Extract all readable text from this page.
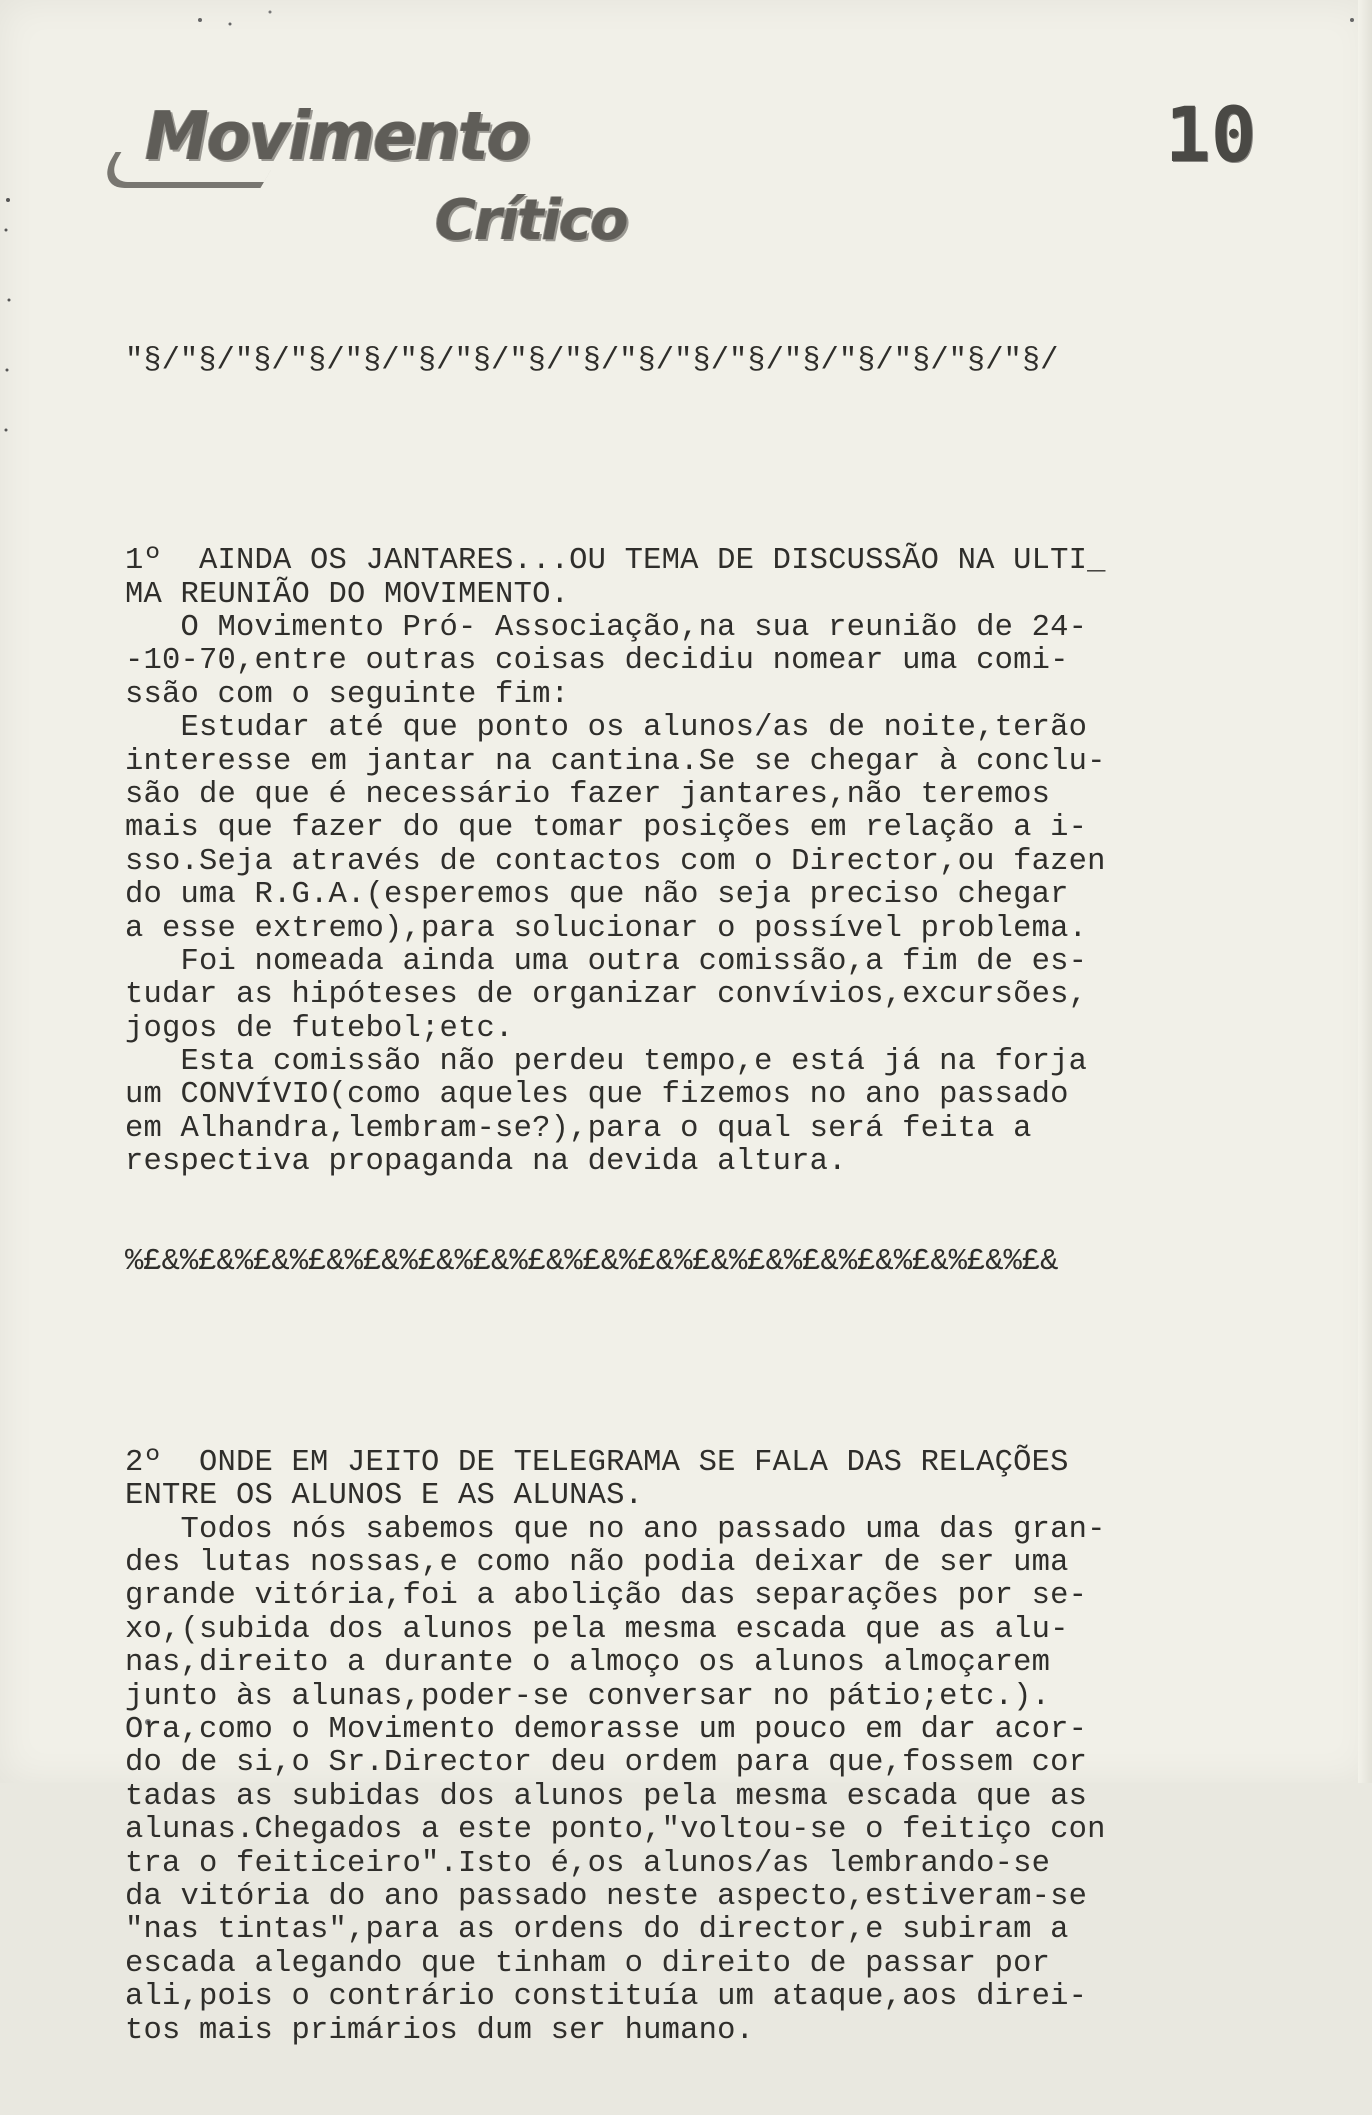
Movimento
Crítico
10

"§/"§/"§/"§/"§/"§/"§/"§/"§/"§/"§/"§/"§/"§/"§/"§/"§/

1º  AINDA OS JANTARES...OU TEMA DE DISCUSSÃO NA ULTI_
MA REUNIÃO DO MOVIMENTO.
O Movimento Pró- Associação,na sua reunião de 24-
-10-70,entre outras coisas decidiu nomear uma comi-
ssão com o seguinte fim:
Estudar até que ponto os alunos/as de noite,terão
interesse em jantar na cantina.Se se chegar à conclu-
são de que é necessário fazer jantares,não teremos
mais que fazer do que tomar posições em relação a i-
sso.Seja através de contactos com o Director,ou fazen
do uma R.G.A.(esperemos que não seja preciso chegar
a esse extremo),para solucionar o possível problema.
Foi nomeada ainda uma outra comissão,a fim de es-
tudar as hipóteses de organizar convívios,excursões,
jogos de futebol;etc.
Esta comissão não perdeu tempo,e está já na forja
um CONVÍVIO(como aqueles que fizemos no ano passado
em Alhandra,lembram-se?),para o qual será feita a
respectiva propaganda na devida altura.

%£&%£&%£&%£&%£&%£&%£&%£&%£&%£&%£&%£&%£&%£&%£&%£&%£&

2º  ONDE EM JEITO DE TELEGRAMA SE FALA DAS RELAÇÕES
ENTRE OS ALUNOS E AS ALUNAS.
Todos nós sabemos que no ano passado uma das gran-
des lutas nossas,e como não podia deixar de ser uma
grande vitória,foi a abolição das separações por se-
xo,(subida dos alunos pela mesma escada que as alu-
nas,direito a durante o almoço os alunos almoçarem
junto às alunas,poder-se conversar no pátio;etc.).
Ora,como o Movimento demorasse um pouco em dar acor-
do de si,o Sr.Director deu ordem para que,fossem cor
tadas as subidas dos alunos pela mesma escada que as
alunas.Chegados a este ponto,"voltou-se o feitiço con
tra o feiticeiro".Isto é,os alunos/as lembrando-se
da vitória do ano passado neste aspecto,estiveram-se
"nas tintas",para as ordens do director,e subiram a
escada alegando que tinham o direito de passar por
ali,pois o contrário constituía um ataque,aos direi-
tos mais primários dum ser humano.
